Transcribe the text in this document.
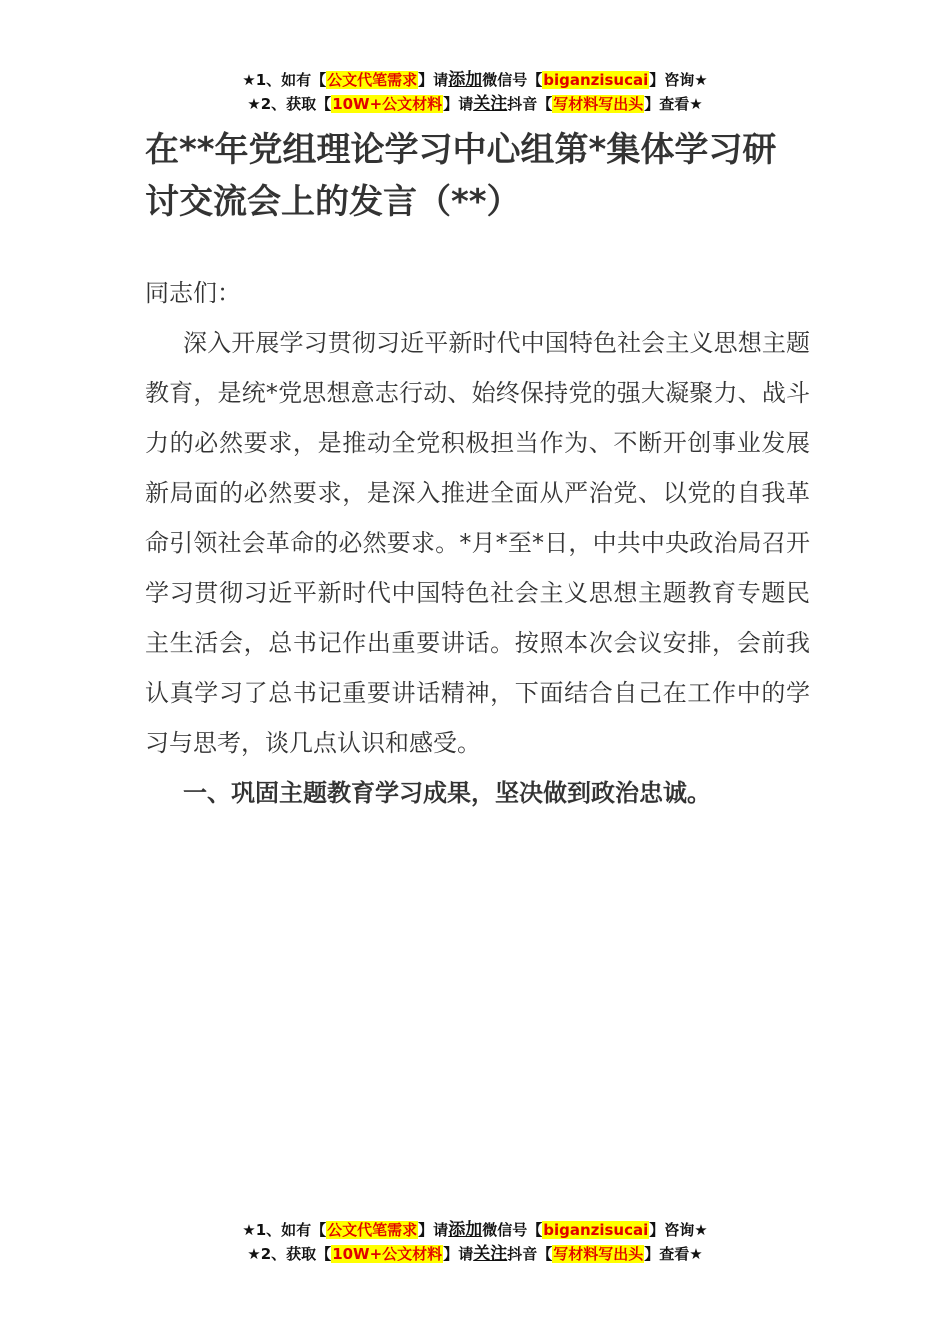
★1、如有【公文代笔需求】请添加微信号【biganzisucai】咨询★
★2、获取【10W+公文材料】请关注抖音【写材料写出头】查看★
在**年党组理论学习中心组第*集体学习研讨交流会上的发言（**）

同志们：

深入开展学习贯彻习近平新时代中国特色社会主义思想主题教育，是统*党思想意志行动、始终保持党的强大凝聚力、战斗力的必然要求，是推动全党积极担当作为、不断开创事业发展新局面的必然要求，是深入推进全面从严治党、以党的自我革命引领社会革命的必然要求。*月*至*日，中共中央政治局召开学习贯彻习近平新时代中国特色社会主义思想主题教育专题民主生活会，总书记作出重要讲话。按照本次会议安排，会前我认真学习了总书记重要讲话精神，下面结合自己在工作中的学习与思考，谈几点认识和感受。

一、巩固主题教育学习成果，坚决做到政治忠诚。

★1、如有【公文代笔需求】请添加微信号【biganzisucai】咨询★
★2、获取【10W+公文材料】请关注抖音【写材料写出头】查看★
